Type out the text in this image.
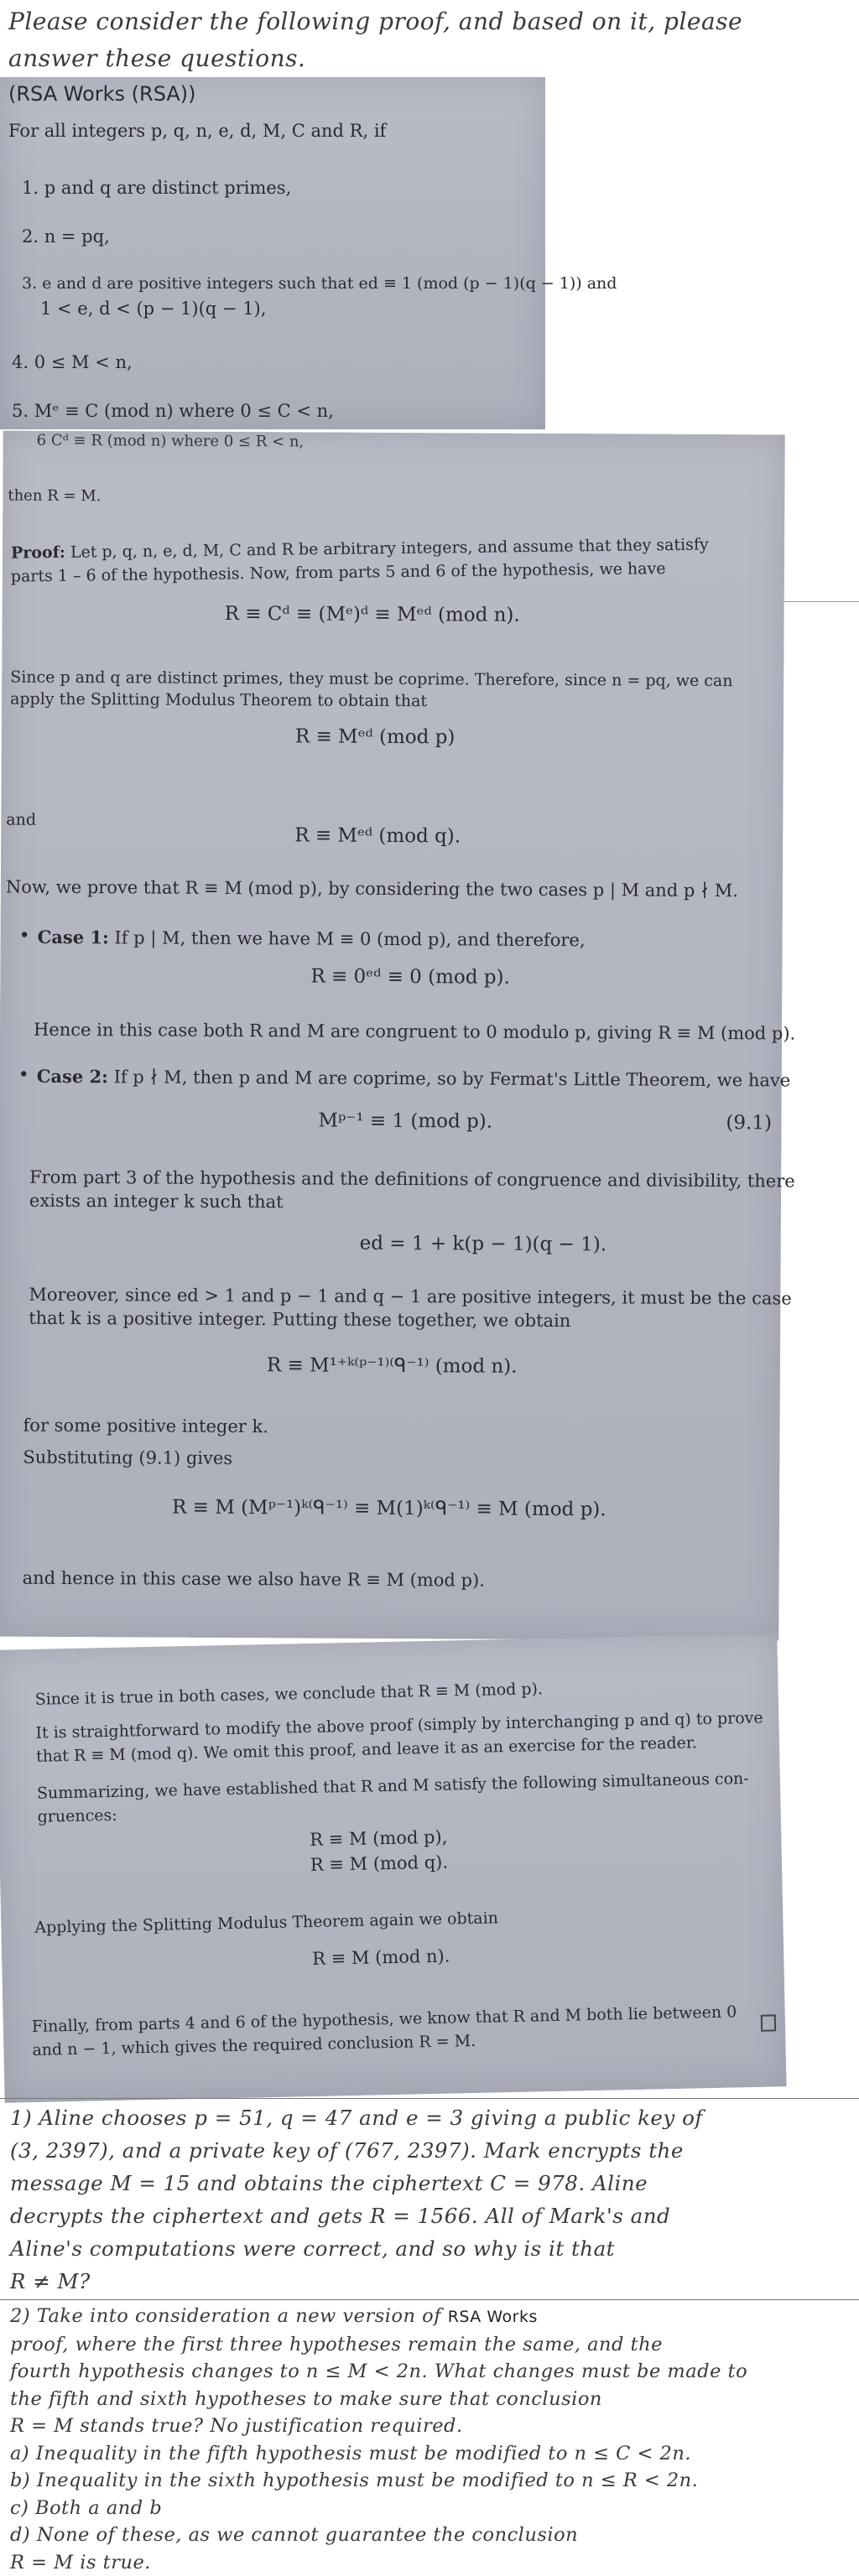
Please consider the following proof, and based on it, please
answer these questions.
(RSA Works (RSA))
For all integers p, q, n, e, d, M, C and R, if
1. p and q are distinct primes,
2. n = pq,
3. e and d are positive integers such that ed ≡ 1 (mod (p − 1)(q − 1)) and
1 < e, d < (p − 1)(q − 1),
4. 0 ≤ M < n,
5. Mᵉ ≡ C (mod n) where 0 ≤ C < n,
6 Cᵈ ≡ R (mod n) where 0 ≤ R < n,
then R = M.
Proof: Let p, q, n, e, d, M, C and R be arbitrary integers, and assume that they satisfy
parts 1 – 6 of the hypothesis. Now, from parts 5 and 6 of the hypothesis, we have
R ≡ Cᵈ ≡ (Mᵉ)ᵈ ≡ Mᵉᵈ (mod n).
Since p and q are distinct primes, they must be coprime. Therefore, since n = pq, we can
apply the Splitting Modulus Theorem to obtain that
R ≡ Mᵉᵈ (mod p)
and
R ≡ Mᵉᵈ (mod q).
Now, we prove that R ≡ M (mod p), by considering the two cases p | M and p ∤ M.
• Case 1: If p | M, then we have M ≡ 0 (mod p), and therefore,
R ≡ 0ᵉᵈ ≡ 0 (mod p).
Hence in this case both R and M are congruent to 0 modulo p, giving R ≡ M (mod p).
• Case 2: If p ∤ M, then p and M are coprime, so by Fermat's Little Theorem, we have
Mᵖ⁻¹ ≡ 1 (mod p).	(9.1)
From part 3 of the hypothesis and the definitions of congruence and divisibility, there
exists an integer k such that
ed = 1 + k(p − 1)(q − 1).
Moreover, since ed > 1 and p − 1 and q − 1 are positive integers, it must be the case
that k is a positive integer. Putting these together, we obtain
R ≡ M¹⁺ᵏ⁽ᵖ⁻¹⁾⁽ᑫ⁻¹⁾ (mod n).
for some positive integer k.
Substituting (9.1) gives
R ≡ M (Mᵖ⁻¹)ᵏ⁽ᑫ⁻¹⁾ ≡ M(1)ᵏ⁽ᑫ⁻¹⁾ ≡ M (mod p).
and hence in this case we also have R ≡ M (mod p).
Since it is true in both cases, we conclude that R ≡ M (mod p).
It is straightforward to modify the above proof (simply by interchanging p and q) to prove
that R ≡ M (mod q). We omit this proof, and leave it as an exercise for the reader.
Summarizing, we have established that R and M satisfy the following simultaneous con-
gruences:
R ≡ M (mod p),
R ≡ M (mod q).
Applying the Splitting Modulus Theorem again we obtain
R ≡ M (mod n).
Finally, from parts 4 and 6 of the hypothesis, we know that R and M both lie between 0
and n − 1, which gives the required conclusion R = M.
1) Aline chooses p = 51, q = 47 and e = 3 giving a public key of
(3, 2397), and a private key of (767, 2397). Mark encrypts the
message M = 15 and obtains the ciphertext C = 978. Aline
decrypts the ciphertext and gets R = 1566. All of Mark's and
Aline's computations were correct, and so why is it that
R ≠ M?
2) Take into consideration a new version of RSA Works
proof, where the first three hypotheses remain the same, and the
fourth hypothesis changes to n ≤ M < 2n. What changes must be made to
the fifth and sixth hypotheses to make sure that conclusion
R = M stands true? No justification required.
a) Inequality in the fifth hypothesis must be modified to n ≤ C < 2n.
b) Inequality in the sixth hypothesis must be modified to n ≤ R < 2n.
c) Both a and b
d) None of these, as we cannot guarantee the conclusion
R = M is true.
